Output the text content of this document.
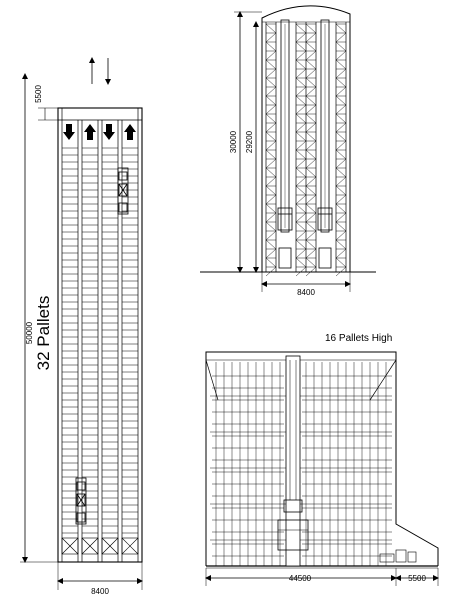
50000 32 Pallets
5500
8400
30000 29200
8400
16 Pallets High
44500	5500
